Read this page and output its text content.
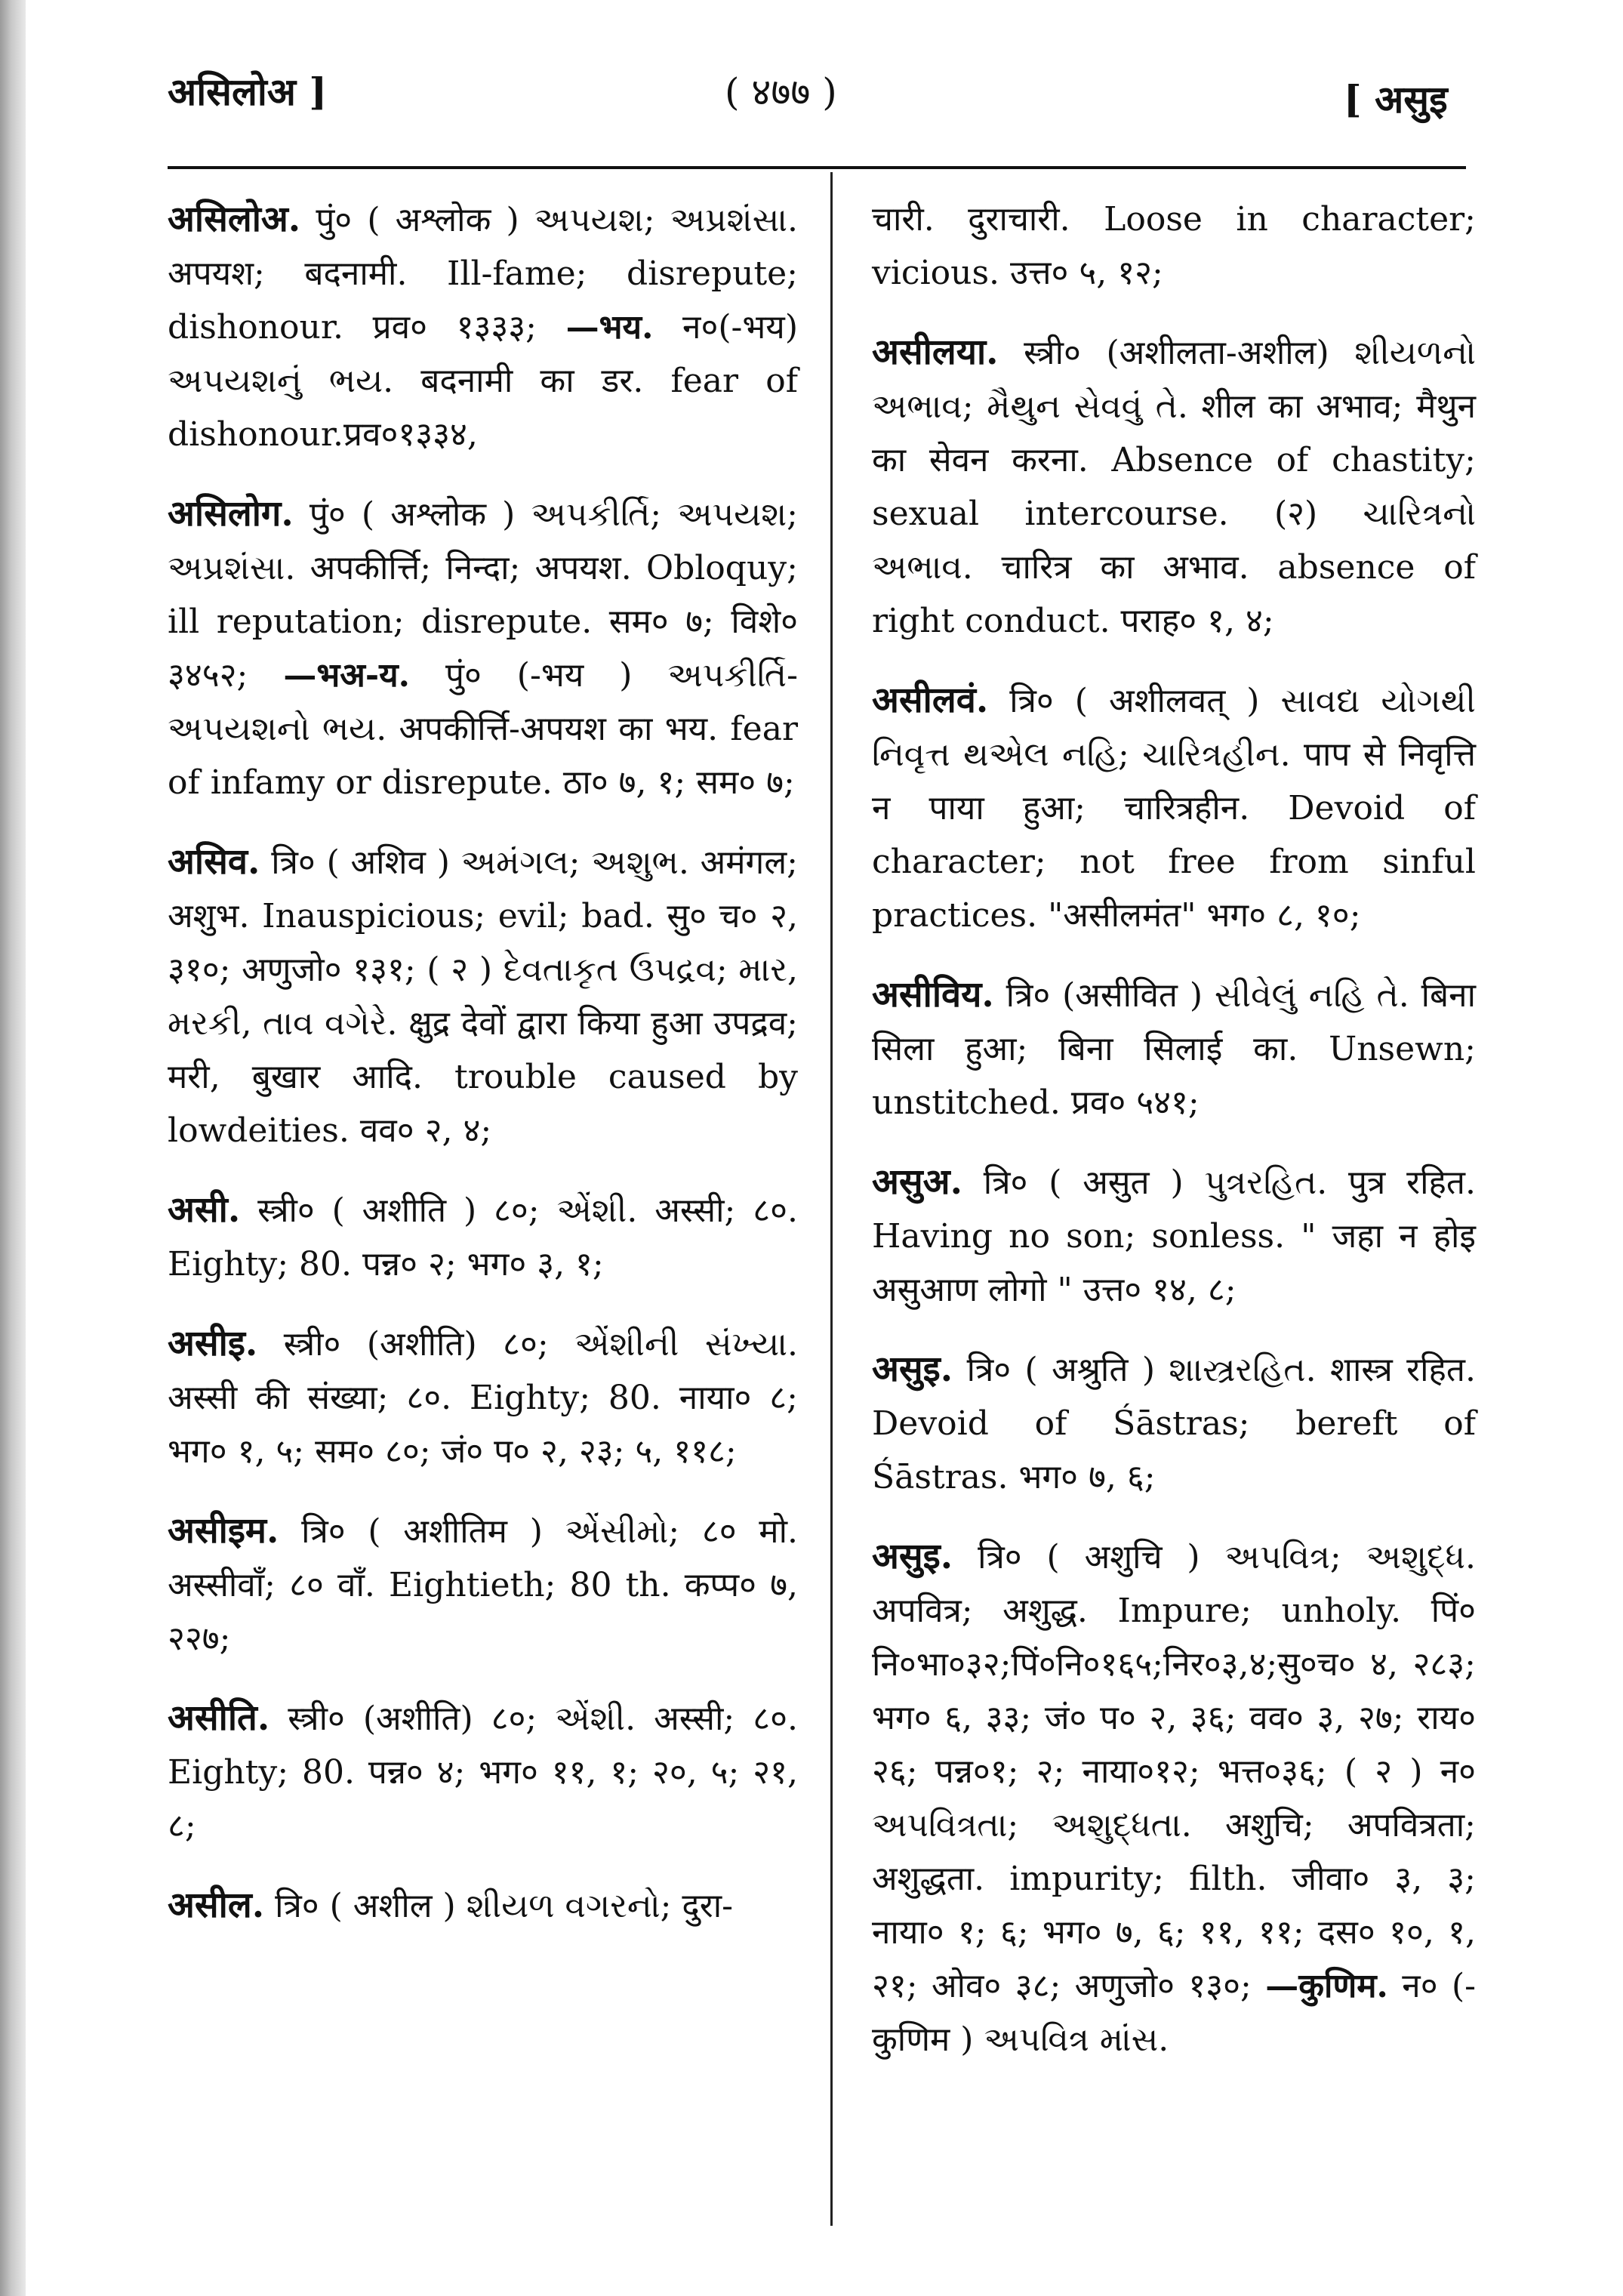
असिलोअ ]	( ४७७ )	[ असुइ

असिलोअ. पुं० ( अश्लोक ) અપયશ; અપ્રશંસા. अपयश; बदनामी. Ill-fame; disrepute; dishonour. प्रव० १३३३; —भय. न०(-भय) અપયશનું ભય. बदनामी का डर. fear of dishonour.प्रव०१३३४,

असिलोग. पुं० ( अश्लोक ) અપકીર્તિ; અપયશ; અપ્રશંસા. अपकीर्त्ति; निन्दा; अपयश. Obloquy; ill reputation; disrepute. सम० ७; विशे० ३४५२; —भअ-य. पुं० (-भय ) અપકીર્તિ-અપયશનો ભય. अपकीर्त्ति-अपयश का भय. fear of infamy or disrepute. ठा० ७, १; सम० ७;

असिव. त्रि० ( अशिव ) અમંગલ; અશુભ. अमंगल; अशुभ. Inauspicious; evil; bad. सु० च० २, ३१०; अणुजो० १३१; ( २ ) દેવતાકૃત ઉપદ્રવ; માર, મરકી, તાવ વગેરે. क्षुद्र देवों द्वारा किया हुआ उपद्रव; मरी, बुखार आदि. trouble caused by lowdeities. वव० २, ४;

असी. स्त्री० ( अशीति ) ८०; એંશી. अस्सी; ८०. Eighty; 80. पन्न० २; भग० ३, १;

असीइ. स्त्री० (अशीति) ८०; એંશીની સંખ્યા. अस्सी की संख्या; ८०. Eighty; 80. नाया० ८; भग० १, ५; सम० ८०; जं० प० २, २३; ५, ११८;

असीइम. त्रि० ( अशीतिम ) એંસીમો; ८० मो. अस्सीवाँ; ८० वाँ. Eightieth; 80 th. कप्प० ७, २२७;

असीति. स्त्री० (अशीति) ८०; એંશી. अस्सी; ८०. Eighty; 80. पन्न० ४; भग० ११, १; २०, ५; २१, ८;

असील. त्रि० ( अशील ) શીયળ વગરનો; दुरा-

चारी. दुराचारी. Loose in character; vicious. उत्त० ५, १२;

असीलया. स्त्री० (अशीलता-अशील) શીયળનો અભાવ; મૈથુન સેવવું તે. शील का अभाव; मैथुन का सेवन करना. Absence of chastity; sexual intercourse. (२) ચારિત્રનો અભાવ. चारित्र का अभाव. absence of right conduct. पराह० १, ४;

असीलवं. त्रि० ( अशीलवत् ) સાવદ્ય યોગથી નિવૃત્ત થએલ નહિ; ચારિત્રહીન. पाप से निवृत्ति न पाया हुआ; चारित्रहीन. Devoid of character; not free from sinful practices. "असीलमंत" भग० ८, १०;

असीविय. त्रि० (असीवित ) સીવેલું નહિ તે. बिना सिला हुआ; बिना सिलाई का. Unsewn; unstitched. प्रव० ५४१;

असुअ. त्रि० ( असुत ) પુત્રરહિત. पुत्र रहित. Having no son; sonless. " जहा न होइ असुआण लोगो " उत्त० १४, ८;

असुइ. त्रि० ( अश्रुति ) શાસ્ત્રરહિત. शास्त्र रहित. Devoid of Śāstras; bereft of Śāstras. भग० ७, ६;

असुइ. त्रि० ( अशुचि ) અપવિત્ર; અશુદ્ધ. अपवित्र; अशुद्ध. Impure; unholy. पिं० नि०भा०३२;पिं०नि०१६५;निर०३,४;सु०च० ४, २८३; भग० ६, ३३; जं० प० २, ३६; वव० ३, २७; राय० २६; पन्न०१; २; नाया०१२; भत्त०३६; ( २ ) न० અપવિત્રતા; અશુદ્ધતા. अशुचि; अपवित्रता; अशुद्धता. impurity; filth. जीवा० ३, ३; नाया० १; ६; भग० ७, ६; ११, ११; दस० १०, १, २१; ओव० ३८; अणुजो० १३०; —कुणिम. न० (-कुणिम ) અપવિત્ર માંસ.
